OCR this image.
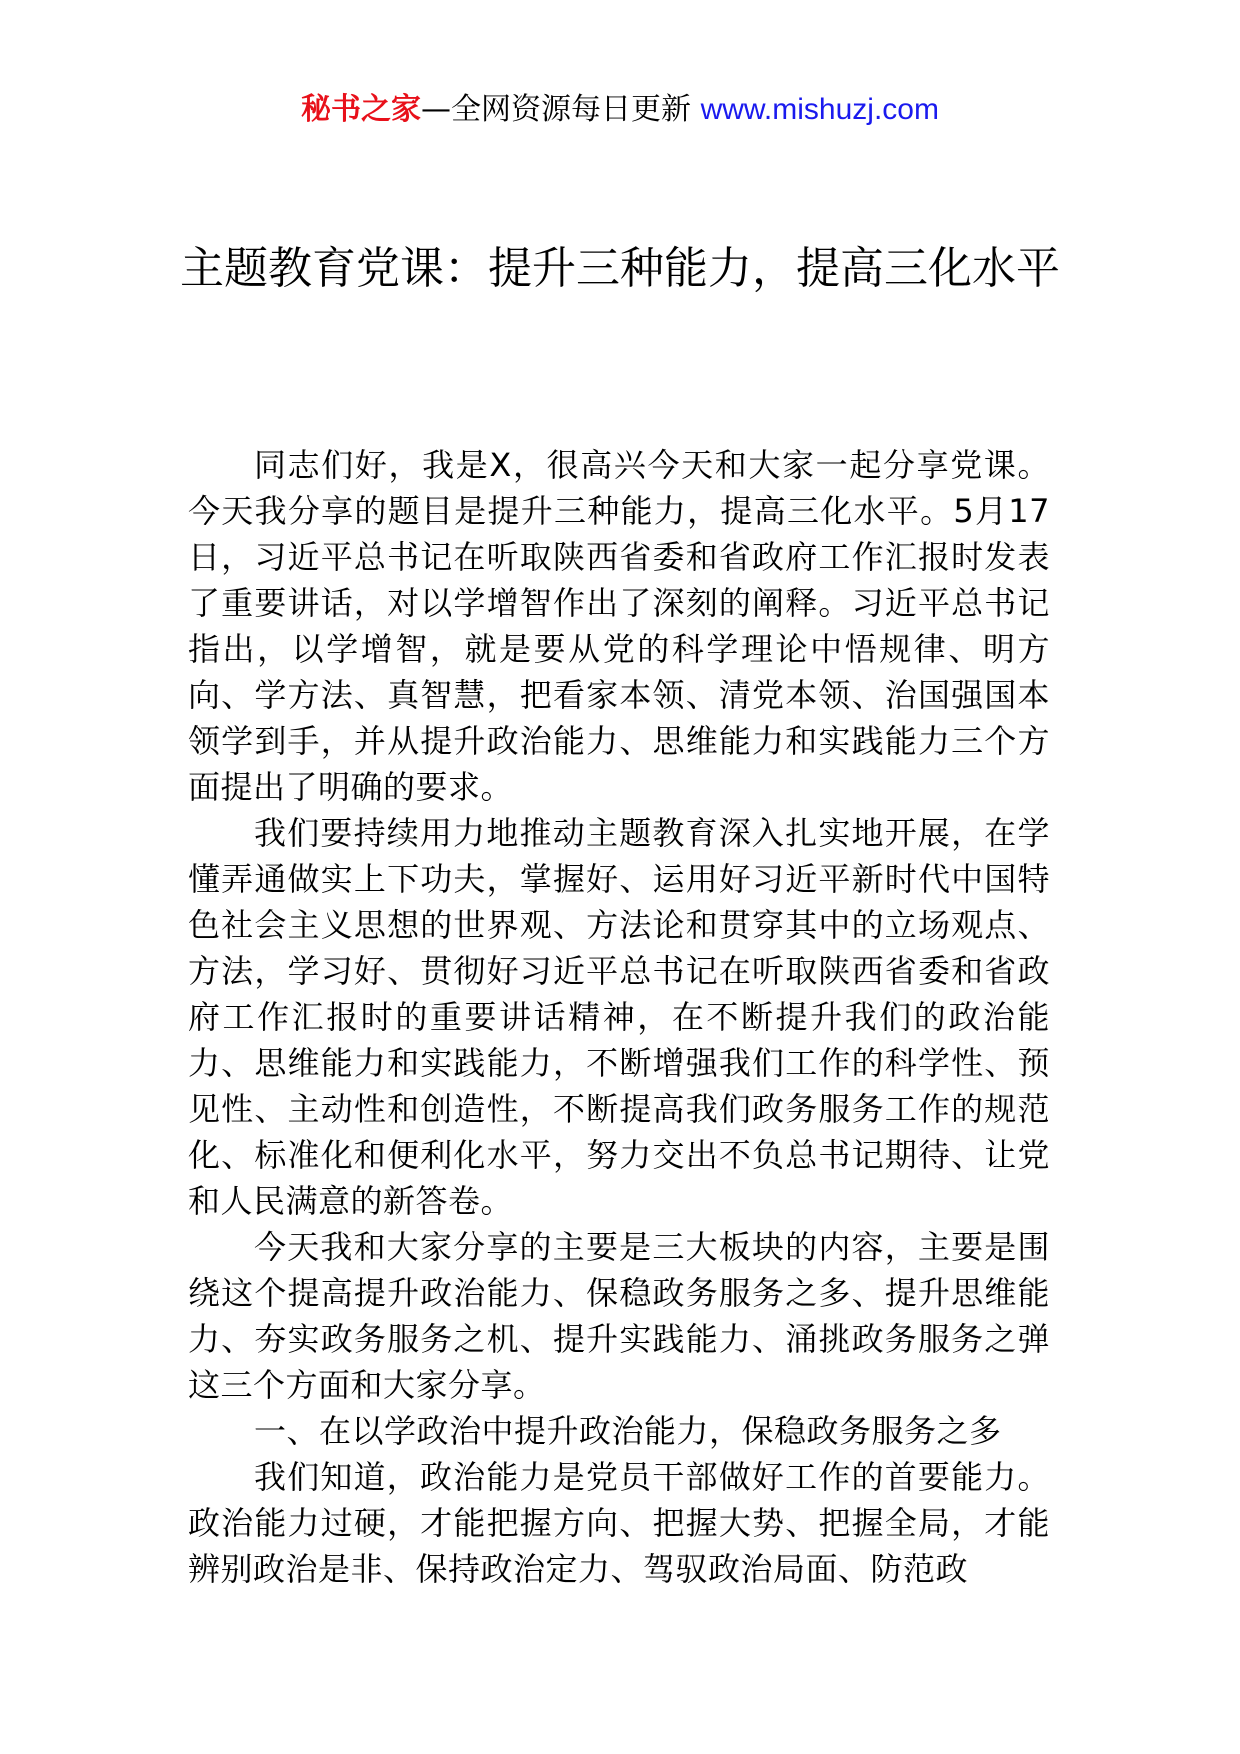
秘书之家—全网资源每日更新 www.mishuzj.com
主题教育党课：提升三种能力，提高三化水平

同志们好，我是X，很高兴今天和大家一起分享党课。今天我分享的题目是提升三种能力，提高三化水平。5月17日，习近平总书记在听取陕西省委和省政府工作汇报时发表了重要讲话，对以学增智作出了深刻的阐释。习近平总书记指出，以学增智，就是要从党的科学理论中悟规律、明方向、学方法、真智慧，把看家本领、清党本领、治国强国本领学到手，并从提升政治能力、思维能力和实践能力三个方面提出了明确的要求。

我们要持续用力地推动主题教育深入扎实地开展，在学懂弄通做实上下功夫，掌握好、运用好习近平新时代中国特色社会主义思想的世界观、方法论和贯穿其中的立场观点、方法，学习好、贯彻好习近平总书记在听取陕西省委和省政府工作汇报时的重要讲话精神，在不断提升我们的政治能力、思维能力和实践能力，不断增强我们工作的科学性、预见性、主动性和创造性，不断提高我们政务服务工作的规范化、标准化和便利化水平，努力交出不负总书记期待、让党和人民满意的新答卷。

今天我和大家分享的主要是三大板块的内容，主要是围绕这个提高提升政治能力、保稳政务服务之多、提升思维能力、夯实政务服务之机、提升实践能力、涌挑政务服务之弹这三个方面和大家分享。

一、在以学政治中提升政治能力，保稳政务服务之多

我们知道，政治能力是党员干部做好工作的首要能力。政治能力过硬，才能把握方向、把握大势、把握全局，才能辨别政治是非、保持政治定力、驾驭政治局面、防范政
